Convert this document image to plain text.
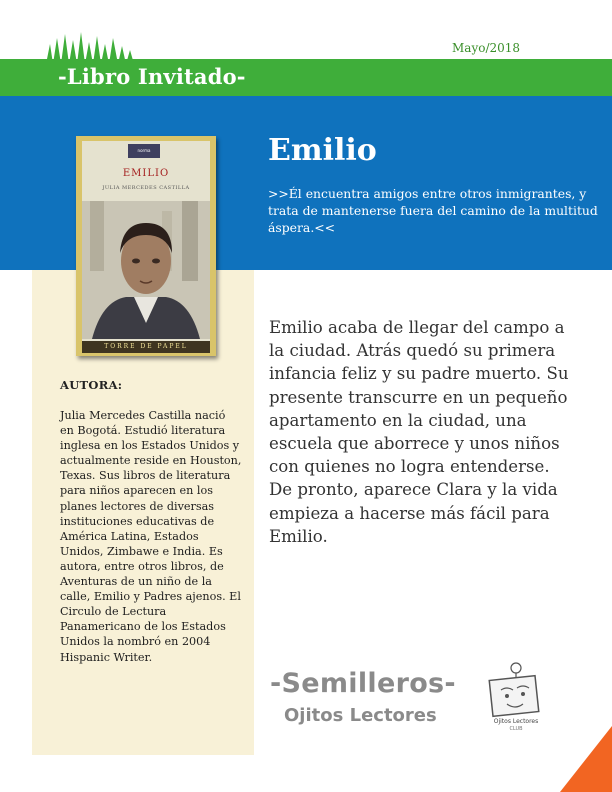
Mayo/2018
-Libro Invitado-
Emilio
>>Él encuentra amigos entre otros inmigrantes, y trata de mantenerse fuera del camino de la multitud áspera.<<
AUTORA:
Julia Mercedes Castilla nació en Bogotá. Estudió literatura inglesa en los Estados Unidos y actualmente reside en Houston, Texas. Sus libros de literatura para niños aparecen en los planes lectores de diversas instituciones educativas de América Latina, Estados Unidos, Zimbawe e India. Es autora, entre otros libros, de Aventuras de un niño de la calle, Emilio y Padres ajenos. El Circulo de Lectura Panamericano de los Estados Unidos la nombró en 2004 Hispanic Writer.
norma
EMILIO
JULIA MERCEDES CASTILLA
TORRE DE PAPEL
Emilio acaba de llegar del campo a la ciudad. Atrás quedó su primera infancia feliz y su padre muerto. Su presente transcurre en un pequeño apartamento en la ciudad, una escuela que aborrece y unos niños con quienes no logra entenderse. De pronto, aparece Clara y la vida empieza a hacerse más fácil para Emilio.
-Semilleros-
Ojitos Lectores	Ojitos Lectores
CLUB
